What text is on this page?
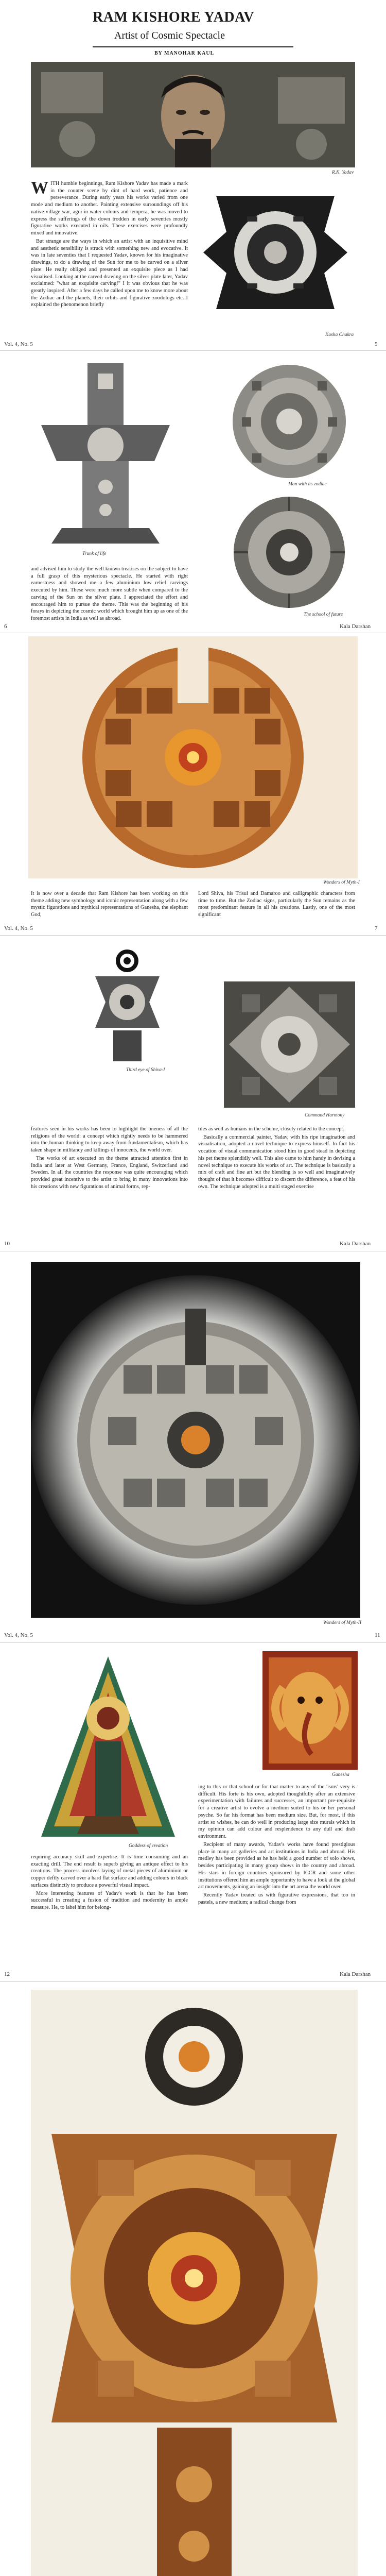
RAM KISHORE YADAV
Artist of Cosmic Spectacle
BY MANOHAR KAUL
R.K. Yadav
WITH humble beginnings, Ram Kishore Yadav has made a mark in the counter scene by dint of hard work, patience and perseverance. During early years his works varied from one mode and medium to another. Painting extensive surroundings off his native village war, agni in water colours and tempera, he was moved to express the sufferings of the down trodden in early seventies mostly figurative works executed in oils. These exercises were profoundly mixed and innovative.

But strange are the ways in which an artist with an inquisitive mind and aesthetic sensibility is struck with something new and evocative. It was in late seventies that I requested Yadav, known for his imaginative drawings, to do a drawing of the Sun for me to be carved on a silver plate. He really obliged and presented an exquisite piece as I had visualised. Looking at the carved drawing on the silver plate later, Yadav exclaimed: "what an exquisite carving!" I it was obvious that he was greatly inspired. After a few days he called upon me to know more about the Zodiac and the planets, their orbits and figurative zoodologs etc. I explained the phenomenon briefly

Kasha Chakra
Vol. 4, No. 5	5
Trunk of life
Man with its zodiac
The school of future
and advised him to study the well known treatises on the subject to have a full grasp of this mysterious spectacle. He started with right earnestness and showed me a few aluminium low relief carvings executed by him. These were much more subtle when compared to the carving of the Sun on the silver plate. I appreciated the effort and encouraged him to pursue the theme. This was the beginning of his forays in depicting the cosmic world which brought him up as one of the foremost artists in India as well as abroad.
6	Kala Darshan
Wonders of Myth-I
It is now over a decade that Ram Kishore has been working on this theme adding new symbology and iconic representation along with a few mystic figurations and mythical representations of Ganesha, the elephant God,
Lord Shiva, his Trisul and Damaroo and calligraphic characters from time to time. But the Zodiac signs, particularly the Sun remains as the most predominant feature in all his creations. Lastly, one of the most significant
Vol. 4, No. 5	7
Third eye of Shiva-I
Command Harmony

features seen in his works has been to highlight the oneness of all the religions of the world: a concept which rightly needs to be hammered into the human thinking to keep away from fundamentalism, which has taken shape in militancy and killings of innocents, the world over.

The works of art executed on the theme attracted attention first in India and later at West Germany, France, England, Switzerland and Sweden. In all the countries the response was quite encouraging which provided great incentive to the artist to bring in many innovations into his creations with new figurations of animal forms, rep-

tiles as well as humans in the scheme, closely related to the concept.

Basically a commercial painter, Yadav, with his ripe imagination and visualisation, adopted a novel technique to express himself. In fact his vocation of visual communication stood him in good stead in depicting his pet theme splendidly well. This also came to him handy in devising a novel technique to execute his works of art. The technique is basically a mix of craft and fine art but the blending is so well and imaginatively thought of that it becomes difficult to discern the difference, a feat of his own. The technique adopted is a multi staged exercise

10	Kala Darshan
Wonders of Myth-II
Vol. 4, No. 5	11
Goddess of creation
Ganesha

requiring accuracy skill and expertise. It is time consuming and an exacting drill. The end result is superb giving an antique effect to his creations. The process involves laying of metal pieces of aluminium or copper deftly carved over a hard flat surface and adding colours in black surfaces distinctly to produce a powerful visual impact.

More interesting features of Yadav's work is that he has been successful in creating a fusion of tradition and modernity in ample measure. He, to label him for belong-

ing to this or that school or for that matter to any of the 'isms' very is difficult. His forte is his own, adopted thoughtfully after an extensive experimentation with failures and successes, an important pre-requisite for a creative artist to evolve a medium suited to his or her personal psyche. So far his format has been medium size. But, for most, if this artist so wishes, he can do well in producing large size murals which in my opinion can add colour and resplendence to any dull and drab environment.

Recipient of many awards, Yadav's works have found prestigious place in many art galleries and art institutions in India and abroad. His medley has been provided as he has held a good number of solo shows, besides participating in many group shows in the country and abroad. His stars in foreign countries sponsored by ICCR and some other institutions offered him an ample opportunity to have a look at the global art movements, gaining an insight into the art arena the world over.

Recently Yadav treated us with figurative expressions, that too in pastels, a new medium; a radical change from

12	Kala Darshan
